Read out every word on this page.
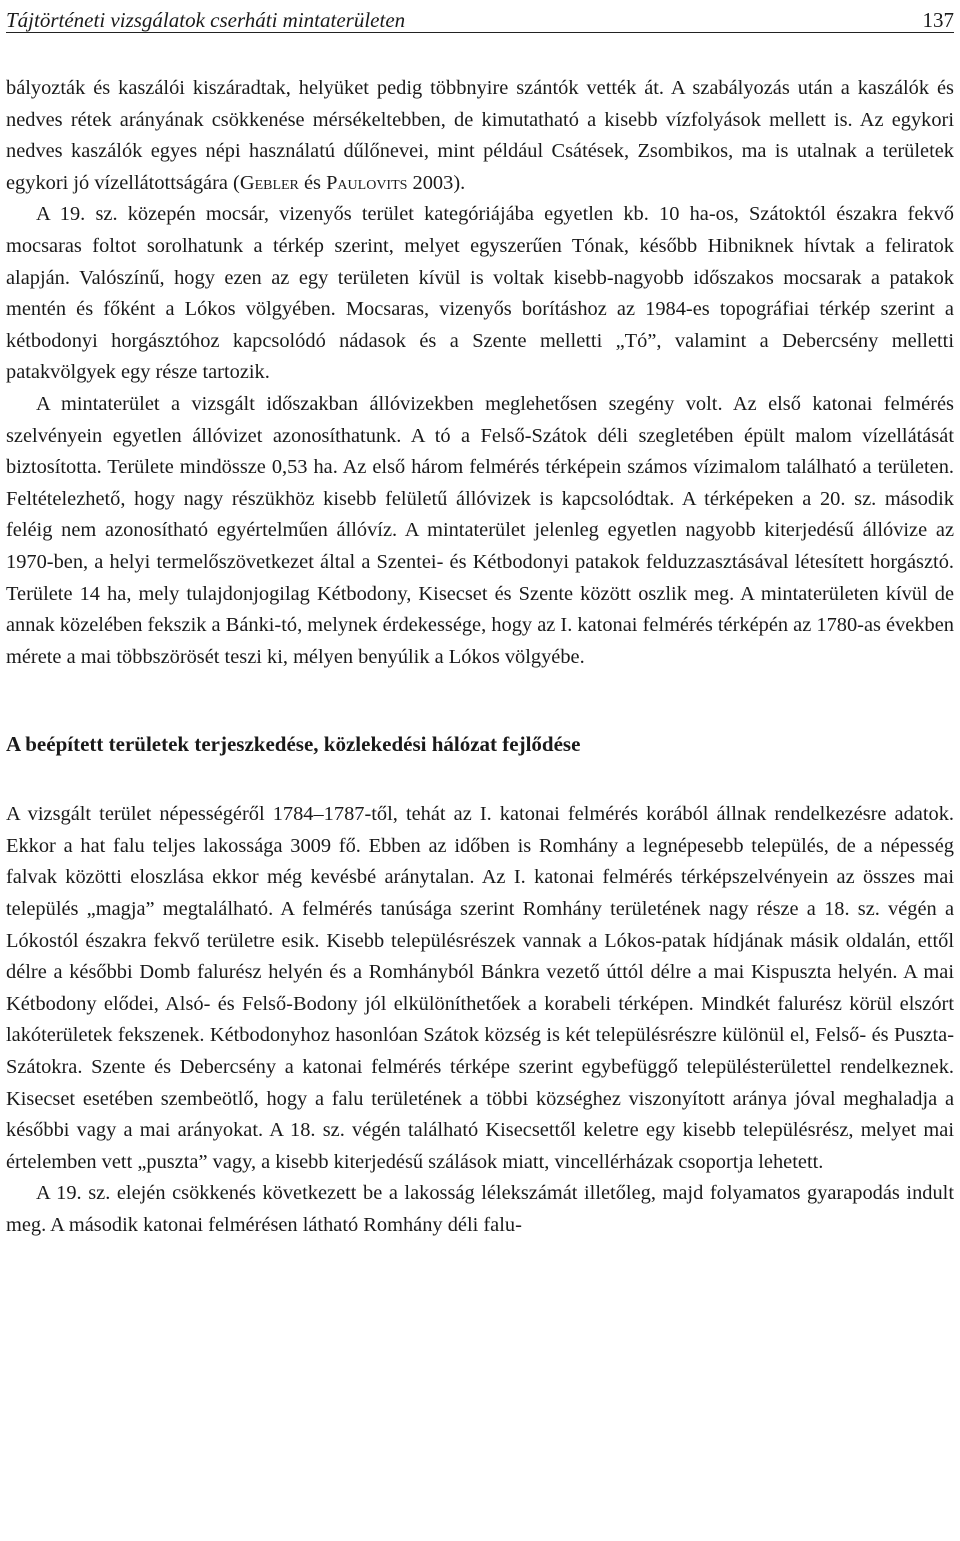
Tájtörténeti vizsgálatok cserháti mintaterületen	137

bályozták és kaszálói kiszáradtak, helyüket pedig többnyire szántók vették át. A szabályozás után a kaszálók és nedves rétek arányának csökkenése mérsékeltebben, de kimutatható a kisebb vízfolyások mellett is. Az egykori nedves kaszálók egyes népi használatú dűlőnevei, mint például Csátések, Zsombikos, ma is utalnak a területek egykori jó vízellátottságára (Gebler és Paulovits 2003).

A 19. sz. közepén mocsár, vizenyős terület kategóriájába egyetlen kb. 10 ha-os, Szátoktól északra fekvő mocsaras foltot sorolhatunk a térkép szerint, melyet egyszerűen Tónak, később Hibniknek hívtak a feliratok alapján. Valószínű, hogy ezen az egy területen kívül is voltak kisebb-nagyobb időszakos mocsarak a patakok mentén és főként a Lókos völgyében. Mocsaras, vizenyős borításhoz az 1984-es topográfiai térkép szerint a kétbodonyi horgásztóhoz kapcsolódó nádasok és a Szente melletti „Tó”, valamint a Debercsény melletti patakvölgyek egy része tartozik.

A mintaterület a vizsgált időszakban állóvizekben meglehetősen szegény volt. Az első katonai felmérés szelvényein egyetlen állóvizet azonosíthatunk. A tó a Felső-Szátok déli szegletében épült malom vízellátását biztosította. Területe mindössze 0,53 ha. Az első három felmérés térképein számos vízimalom található a területen. Feltételezhető, hogy nagy részükhöz kisebb felületű állóvizek is kapcsolódtak. A térképeken a 20. sz. második feléig nem azonosítható egyértelműen állóvíz. A mintaterület jelenleg egyetlen nagyobb kiterjedésű állóvize az 1970-ben, a helyi termelőszövetkezet által a Szentei- és Kétbodonyi patakok felduzzasztásával létesített horgásztó. Területe 14 ha, mely tulajdonjogilag Kétbodony, Kisecset és Szente között oszlik meg. A mintaterületen kívül de annak közelében fekszik a Bánki-tó, melynek érdekessége, hogy az I. katonai felmérés térképén az 1780-as években mérete a mai többszörösét teszi ki, mélyen benyúlik a Lókos völgyébe.

A beépített területek terjeszkedése, közlekedési hálózat fejlődése

A vizsgált terület népességéről 1784–1787-től, tehát az I. katonai felmérés korából állnak rendelkezésre adatok. Ekkor a hat falu teljes lakossága 3009 fő. Ebben az időben is Romhány a legnépesebb település, de a népesség falvak közötti eloszlása ekkor még kevésbé aránytalan. Az I. katonai felmérés térképszelvényein az összes mai település „magja” megtalálható. A felmérés tanúsága szerint Romhány területének nagy része a 18. sz. végén a Lókostól északra fekvő területre esik. Kisebb településrészek vannak a Lókos-patak hídjának másik oldalán, ettől délre a későbbi Domb falurész helyén és a Romhányból Bánkra vezető úttól délre a mai Kispuszta helyén. A mai Kétbodony elődei, Alsó- és Felső-Bodony jól elkülöníthetőek a korabeli térképen. Mindkét falurész körül elszórt lakóterületek fekszenek. Kétbodonyhoz hasonlóan Szátok község is két településrészre különül el, Felső- és Puszta-Szátokra. Szente és Debercsény a katonai felmérés térképe szerint egybefüggő településterülettel rendelkeznek. Kisecset esetében szembeötlő, hogy a falu területének a többi községhez viszonyított aránya jóval meghaladja a későbbi vagy a mai arányokat. A 18. sz. végén található Kisecsettől keletre egy kisebb településrész, melyet mai értelemben vett „puszta” vagy, a kisebb kiterjedésű szálások miatt, vincellérházak csoportja lehetett.

A 19. sz. elején csökkenés következett be a lakosság lélekszámát illetőleg, majd folyamatos gyarapodás indult meg. A második katonai felmérésen látható Romhány déli falu-
